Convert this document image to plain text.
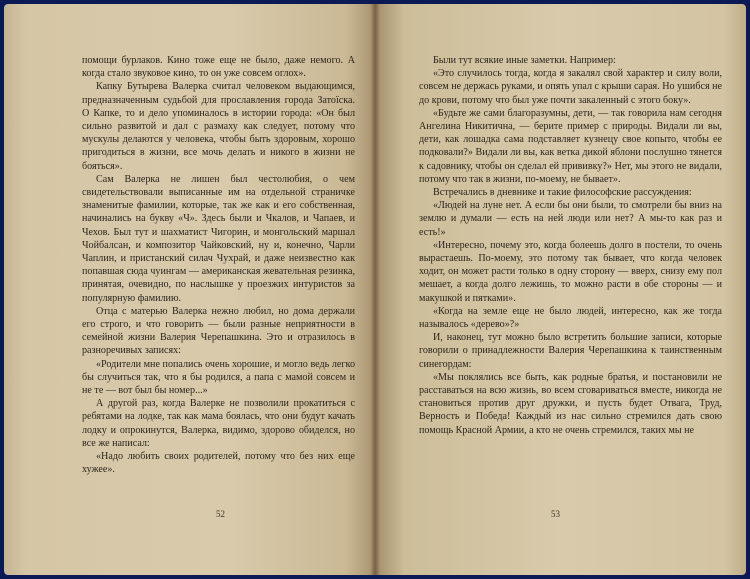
помощи бурлаков. Кино тоже еще не было, даже немого. А когда стало звуковое кино, то он уже совсем оглох».

Капку Бутырева Валерка считал человеком выдающимся, предназначенным судьбой для прославления города Затоїска. О Капке, то и дело упоминалось в истории города: «Он был сильно развитой и дал с размаху как следует, потому что мускулы делаются у человека, чтобы быть здоровым, хорошо пригодиться в жизни, все мочь делать и никого в жизни не бояться».

Сам Валерка не лишен был честолюбия, о чем свидетельствовали выписанные им на отдельной страничке знаменитые фамилии, которые, так же как и его собственная, начинались на букву «Ч». Здесь были и Чкалов, и Чапаев, и Чехов. Был тут и шахматист Чигорин, и монгольский маршал Чойбалсан, и композитор Чайковский, ну и, конечно, Чарли Чаплин, и пристанский силач Чухрай, и даже неизвестно как попавшая сюда чуингам — американская жевательная резинка, принятая, очевидно, по наслышке у проезжих интуристов за популярную фамилию.

Отца с матерью Валерка нежно любил, но дома держали его строго, и что говорить — были разные неприятности в семейной жизни Валерия Черепашкина. Это и отразилось в разноречивых записях:

«Родители мне попались очень хорошие, и могло ведь легко бы случиться так, что я бы родился, а папа с мамой совсем и не те — вот был бы номер...»

А другой раз, когда Валерке не позволили прокатиться с ребятами на лодке, так как мама боялась, что они будут качать лодку и опрокинутся, Валерка, видимо, здорово обиделся, но все же написал:

«Надо любить своих родителей, потому что без них еще хужее».

52

Были тут всякие иные заметки. Например:

«Это случилось тогда, когда я закалял свой характер и силу воли, совсем не держась руками, и опять упал с крыши сарая. Но ушибся не до крови, потому что был уже почти закаленный с этого боку».

«Будьте же сами благоразумны, дети, — так говорила нам сегодня Ангелина Никитична, — берите пример с природы. Видали ли вы, дети, как лошадка сама подставляет кузнецу свое копыто, чтобы ее подковали?» Видали ли вы, как ветка дикой яблони послушно тянется к садовнику, чтобы он сделал ей прививку?» Нет, мы этого не видали, потому что так в жизни, по-моему, не бывает».

Встречались в дневнике и такие философские рассуждения:

«Людей на луне нет. А если бы они были, то смотрели бы вниз на землю и думали — есть на ней люди или нет? А мы-то как раз и есть!»

«Интересно, почему это, когда болеешь долго в постели, то очень вырастаешь. По-моему, это потому так бывает, что когда человек ходит, он может расти только в одну сторону — вверх, снизу ему пол мешает, а когда долго лежишь, то можно расти в обе стороны — и макушкой и пятками».

«Когда на земле еще не было людей, интересно, как же тогда называлось «дерево»?»

И, наконец, тут можно было встретить большие записи, которые говорили о принадлежности Валерия Черепашкина к таинственным синегордам:

«Мы поклялись все быть, как родные братья, и постановили не расставаться на всю жизнь, во всем сговариваться вместе, никогда не становиться против друг дружки, и пусть будет Отвага, Труд, Верность и Победа! Каждый из нас сильно стремился дать свою помощь Красной Армии, а кто не очень стремился, таких мы не

53
